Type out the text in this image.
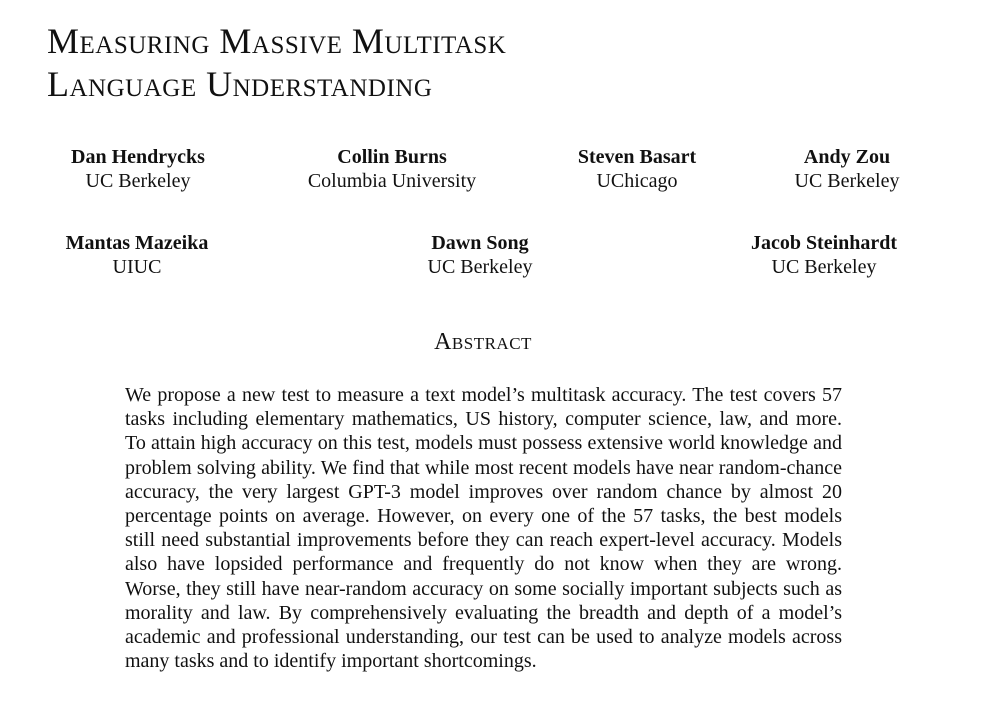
Measuring Massive Multitask
Language Understanding
Dan Hendrycks
UC Berkeley
Collin Burns
Columbia University
Steven Basart
UChicago
Andy Zou
UC Berkeley
Mantas Mazeika
UIUC
Dawn Song
UC Berkeley
Jacob Steinhardt
UC Berkeley
Abstract

We propose a new test to measure a text model’s multitask accuracy. The test covers 57 tasks including elementary mathematics, US history, computer science, law, and more. To attain high accuracy on this test, models must possess extensive world knowledge and problem solving ability. We find that while most recent models have near random-chance accuracy, the very largest GPT-3 model improves over random chance by almost 20 percentage points on average. However, on every one of the 57 tasks, the best models still need substantial improvements before they can reach expert-level accuracy. Models also have lopsided performance and frequently do not know when they are wrong. Worse, they still have near-random accuracy on some socially important subjects such as morality and law. By comprehensively evaluating the breadth and depth of a model’s academic and professional understanding, our test can be used to analyze models across many tasks and to identify important shortcomings.
